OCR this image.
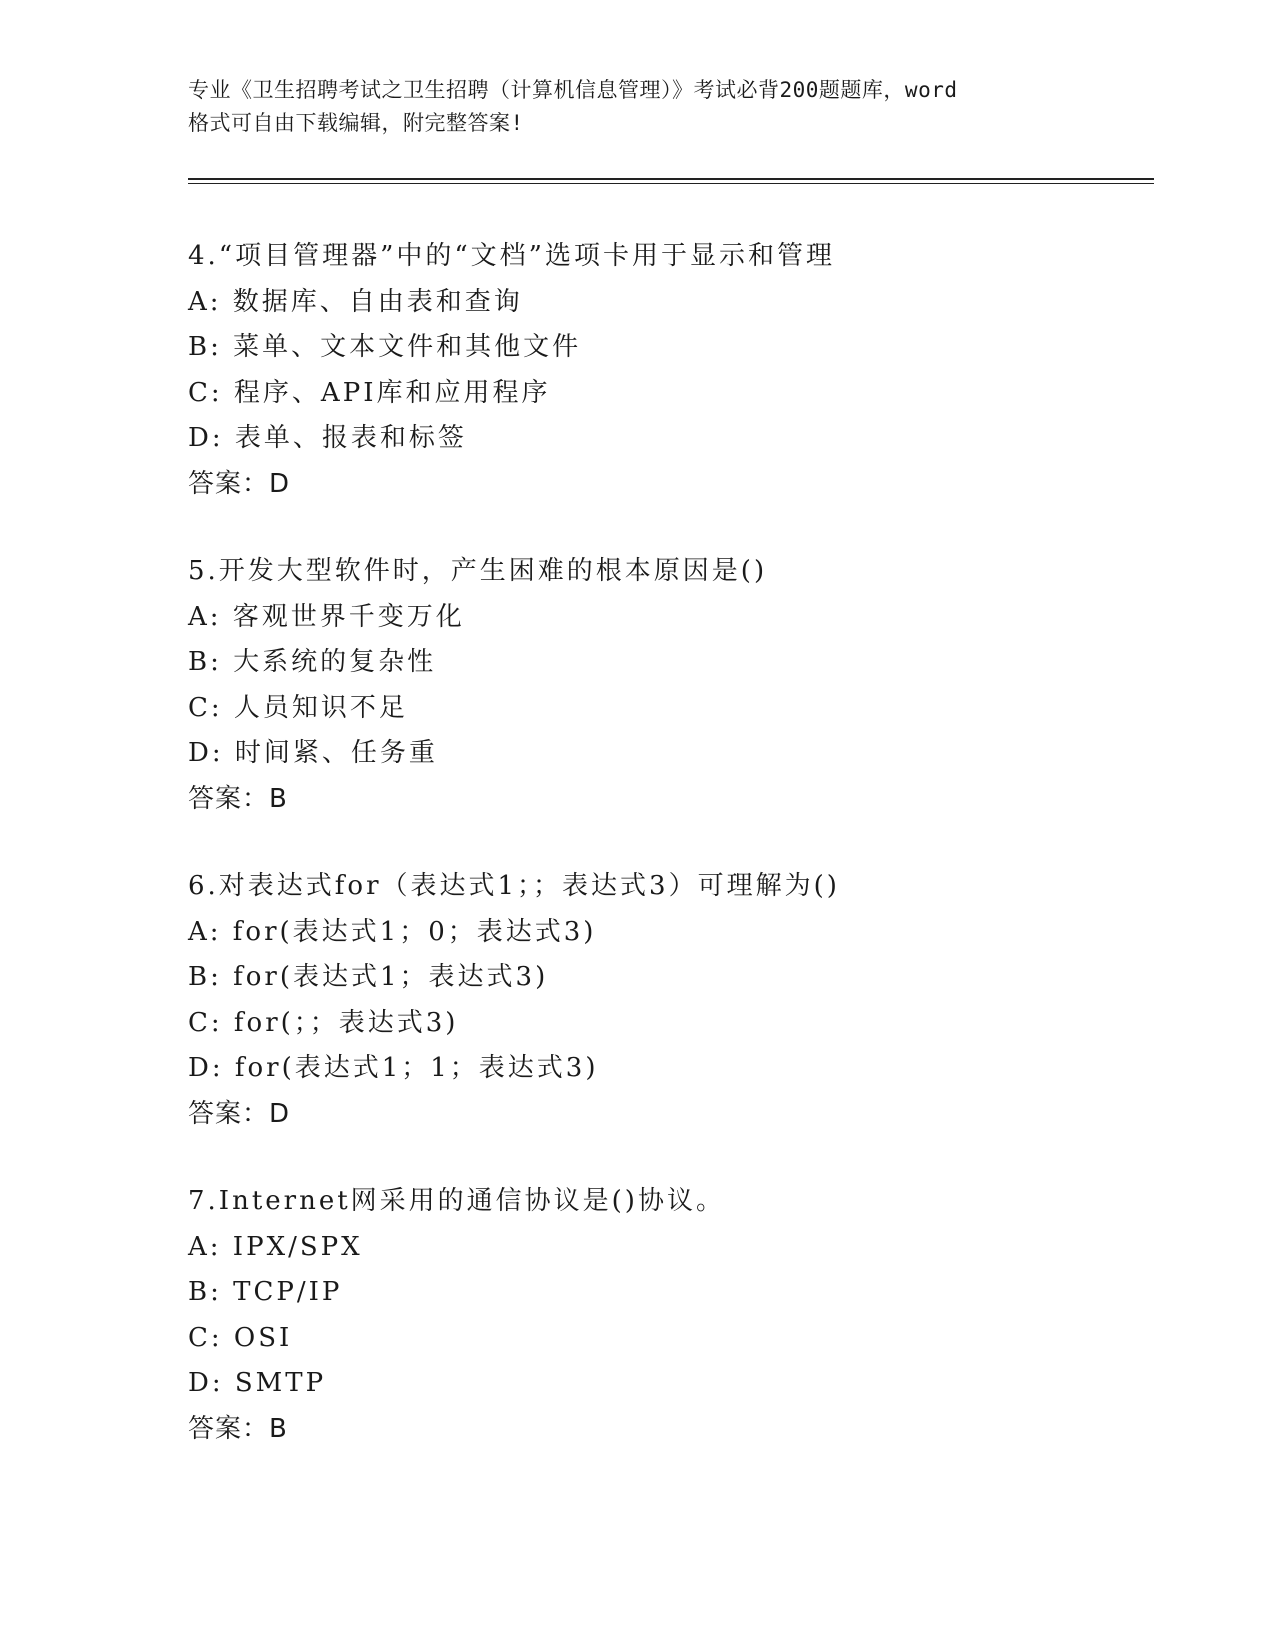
专业《卫生招聘考试之卫生招聘（计算机信息管理）》考试必背200题题库，word
格式可自由下载编辑，附完整答案!
4.“项目管理器”中的“文档”选项卡用于显示和管理
A: 数据库、自由表和查询
B: 菜单、文本文件和其他文件
C: 程序、API库和应用程序
D: 表单、报表和标签
答案：D
5.开发大型软件时，产生困难的根本原因是()
A: 客观世界千变万化
B: 大系统的复杂性
C: 人员知识不足
D: 时间紧、任务重
答案：B
6.对表达式for（表达式1；；表达式3）可理解为()
A: for(表达式1；0；表达式3)
B: for(表达式1；表达式3)
C: for(；；表达式3)
D: for(表达式1；1；表达式3)
答案：D
7.Internet网采用的通信协议是()协议。
A: IPX/SPX
B: TCP/IP
C: OSI
D: SMTP
答案：B
